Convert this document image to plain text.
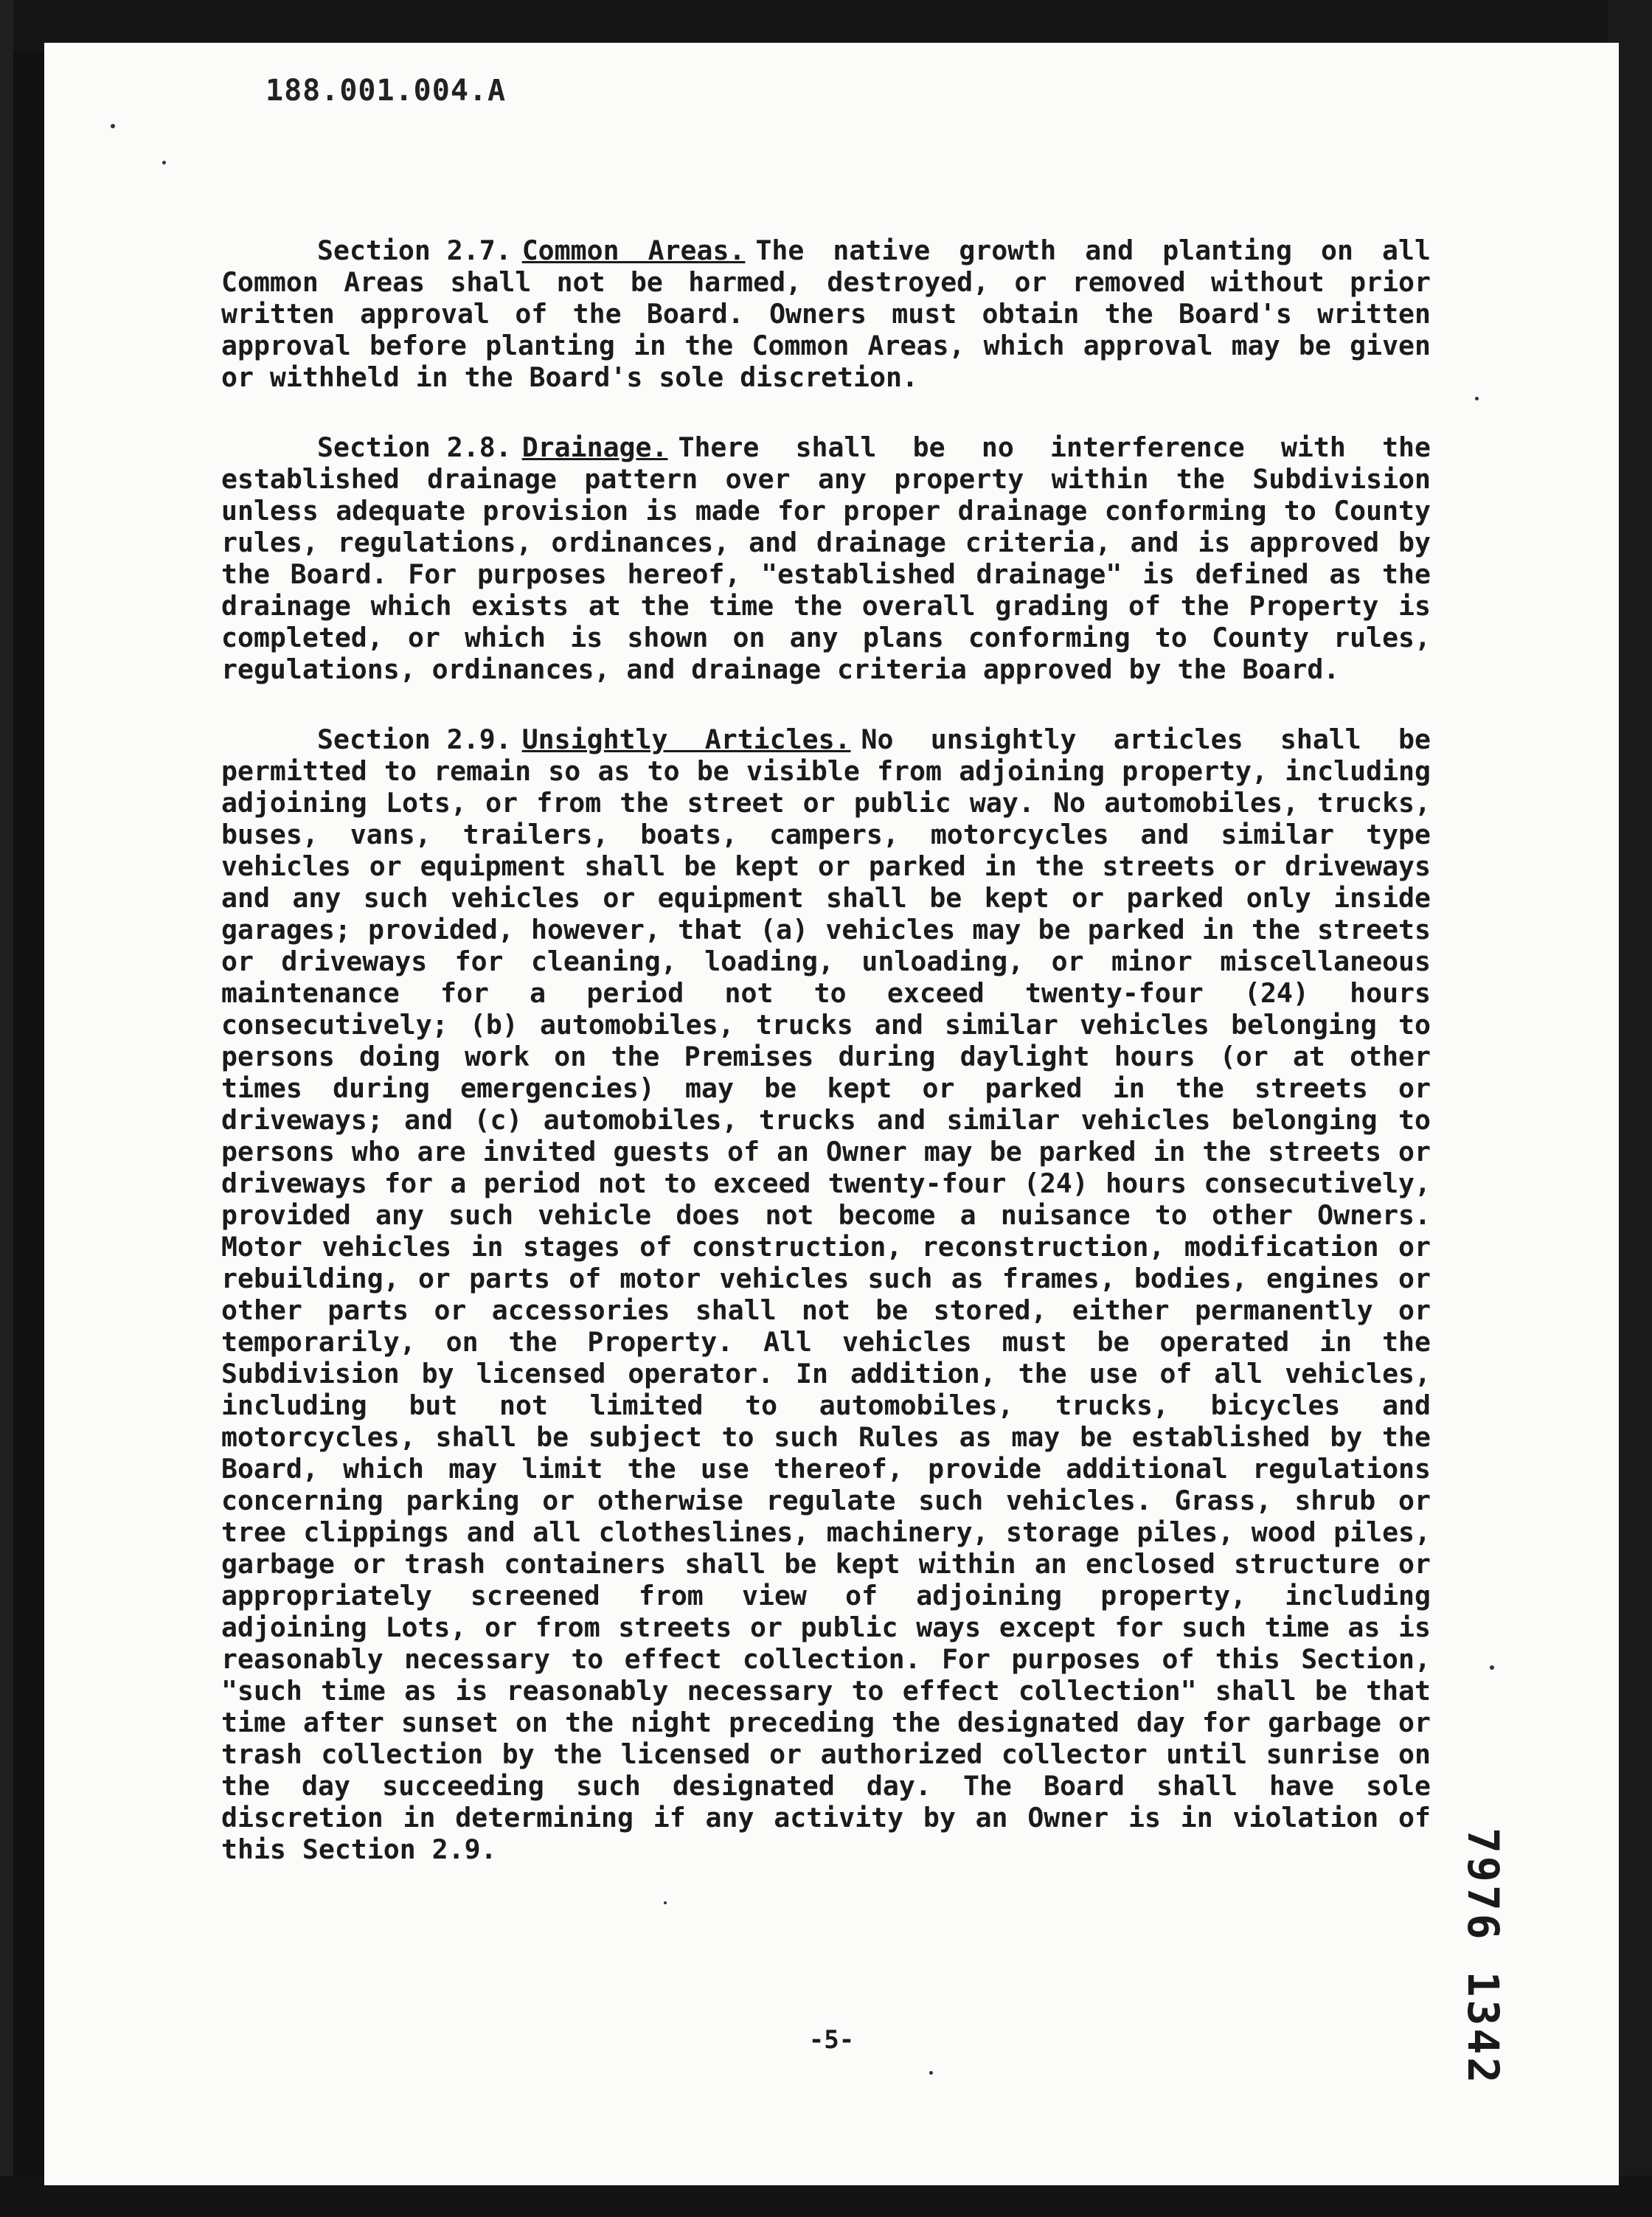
188.001.004.A

Section 2.7. Common Areas. The native growth and planting on all Common Areas shall not be harmed, destroyed, or removed without prior written approval of the Board. Owners must obtain the Board's written approval before planting in the Common Areas, which approval may be given or withheld in the Board's sole discretion.

Section 2.8. Drainage. There shall be no interference with the established drainage pattern over any property within the Subdivision unless adequate provision is made for proper drainage conforming to County rules, regulations, ordinances, and drainage criteria, and is approved by the Board. For purposes hereof, "established drainage" is defined as the drainage which exists at the time the overall grading of the Property is completed, or which is shown on any plans conforming to County rules, regulations, ordinances, and drainage criteria approved by the Board.

Section 2.9. Unsightly Articles. No unsightly articles shall be permitted to remain so as to be visible from adjoining property, including adjoining Lots, or from the street or public way. No automobiles, trucks, buses, vans, trailers, boats, campers, motorcycles and similar type vehicles or equipment shall be kept or parked in the streets or driveways and any such vehicles or equipment shall be kept or parked only inside garages; provided, however, that (a) vehicles may be parked in the streets or driveways for cleaning, loading, unloading, or minor miscellaneous maintenance for a period not to exceed twenty-four (24) hours consecutively; (b) automobiles, trucks and similar vehicles belonging to persons doing work on the Premises during daylight hours (or at other times during emergencies) may be kept or parked in the streets or driveways; and (c) automobiles, trucks and similar vehicles belonging to persons who are invited guests of an Owner may be parked in the streets or driveways for a period not to exceed twenty-four (24) hours consecutively, provided any such vehicle does not become a nuisance to other Owners. Motor vehicles in stages of construction, reconstruction, modification or rebuilding, or parts of motor vehicles such as frames, bodies, engines or other parts or accessories shall not be stored, either permanently or temporarily, on the Property. All vehicles must be operated in the Subdivision by licensed operator. In addition, the use of all vehicles, including but not limited to automobiles, trucks, bicycles and motorcycles, shall be subject to such Rules as may be established by the Board, which may limit the use thereof, provide additional regulations concerning parking or otherwise regulate such vehicles. Grass, shrub or tree clippings and all clotheslines, machinery, storage piles, wood piles, garbage or trash containers shall be kept within an enclosed structure or appropriately screened from view of adjoining property, including adjoining Lots, or from streets or public ways except for such time as is reasonably necessary to effect collection. For purposes of this Section, "such time as is reasonably necessary to effect collection" shall be that time after sunset on the night preceding the designated day for garbage or trash collection by the licensed or authorized collector until sunrise on the day succeeding such designated day. The Board shall have sole discretion in determining if any activity by an Owner is in violation of this Section 2.9.

-5-	7976 1342
